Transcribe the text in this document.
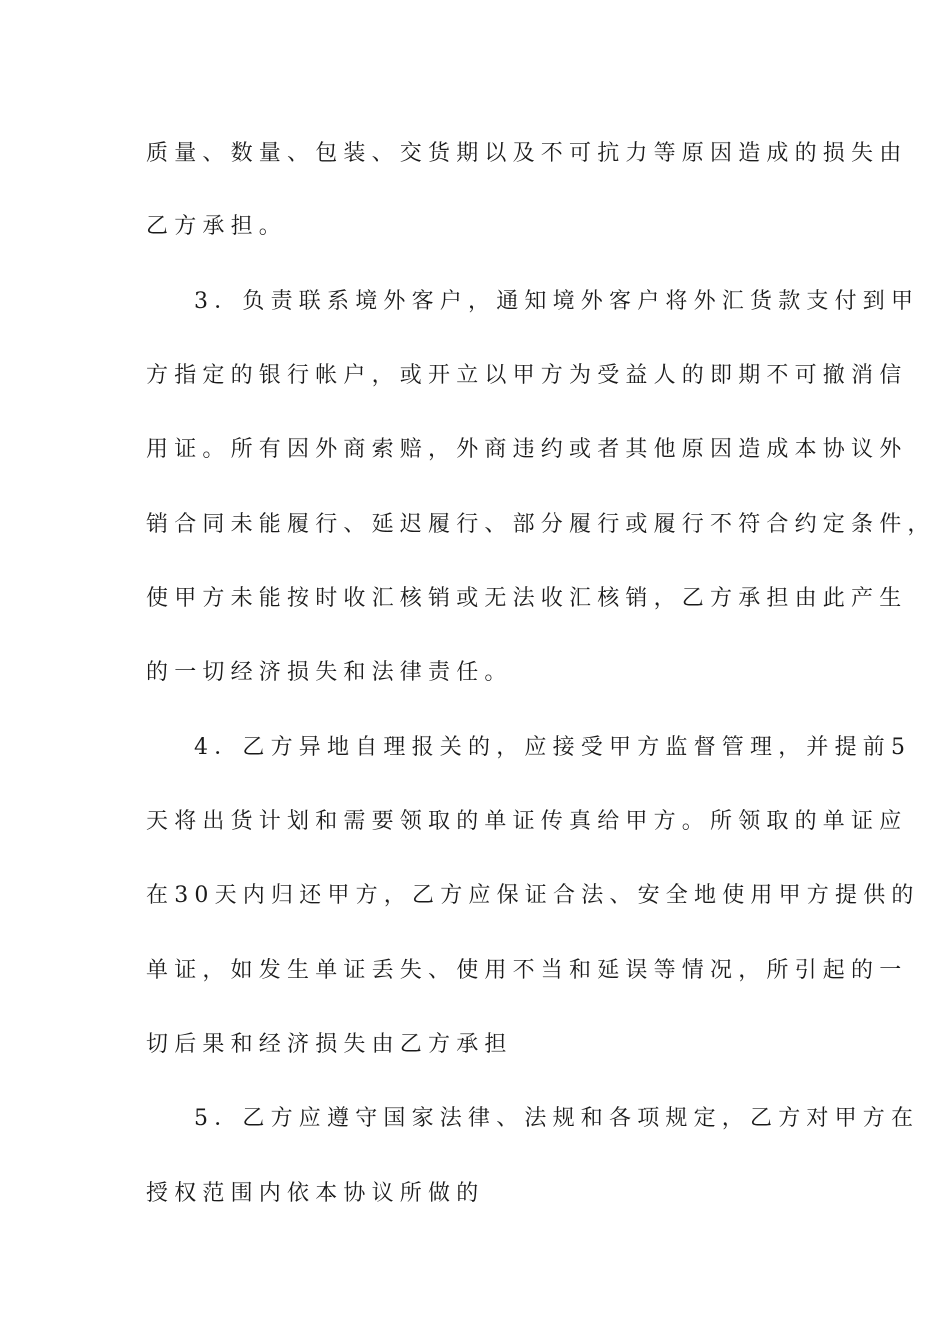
质量、数量、包装、交货期以及不可抗力等原因造成的损失由
乙方承担。
3．负责联系境外客户，通知境外客户将外汇货款支付到甲
方指定的银行帐户，或开立以甲方为受益人的即期不可撤消信
用证。所有因外商索赔，外商违约或者其他原因造成本协议外
销合同未能履行、延迟履行、部分履行或履行不符合约定条件，
使甲方未能按时收汇核销或无法收汇核销，乙方承担由此产生
的一切经济损失和法律责任。
4．乙方异地自理报关的，应接受甲方监督管理，并提前5
天将出货计划和需要领取的单证传真给甲方。所领取的单证应
在30天内归还甲方，乙方应保证合法、安全地使用甲方提供的
单证，如发生单证丢失、使用不当和延误等情况，所引起的一
切后果和经济损失由乙方承担
5．乙方应遵守国家法律、法规和各项规定，乙方对甲方在
授权范围内依本协议所做的
